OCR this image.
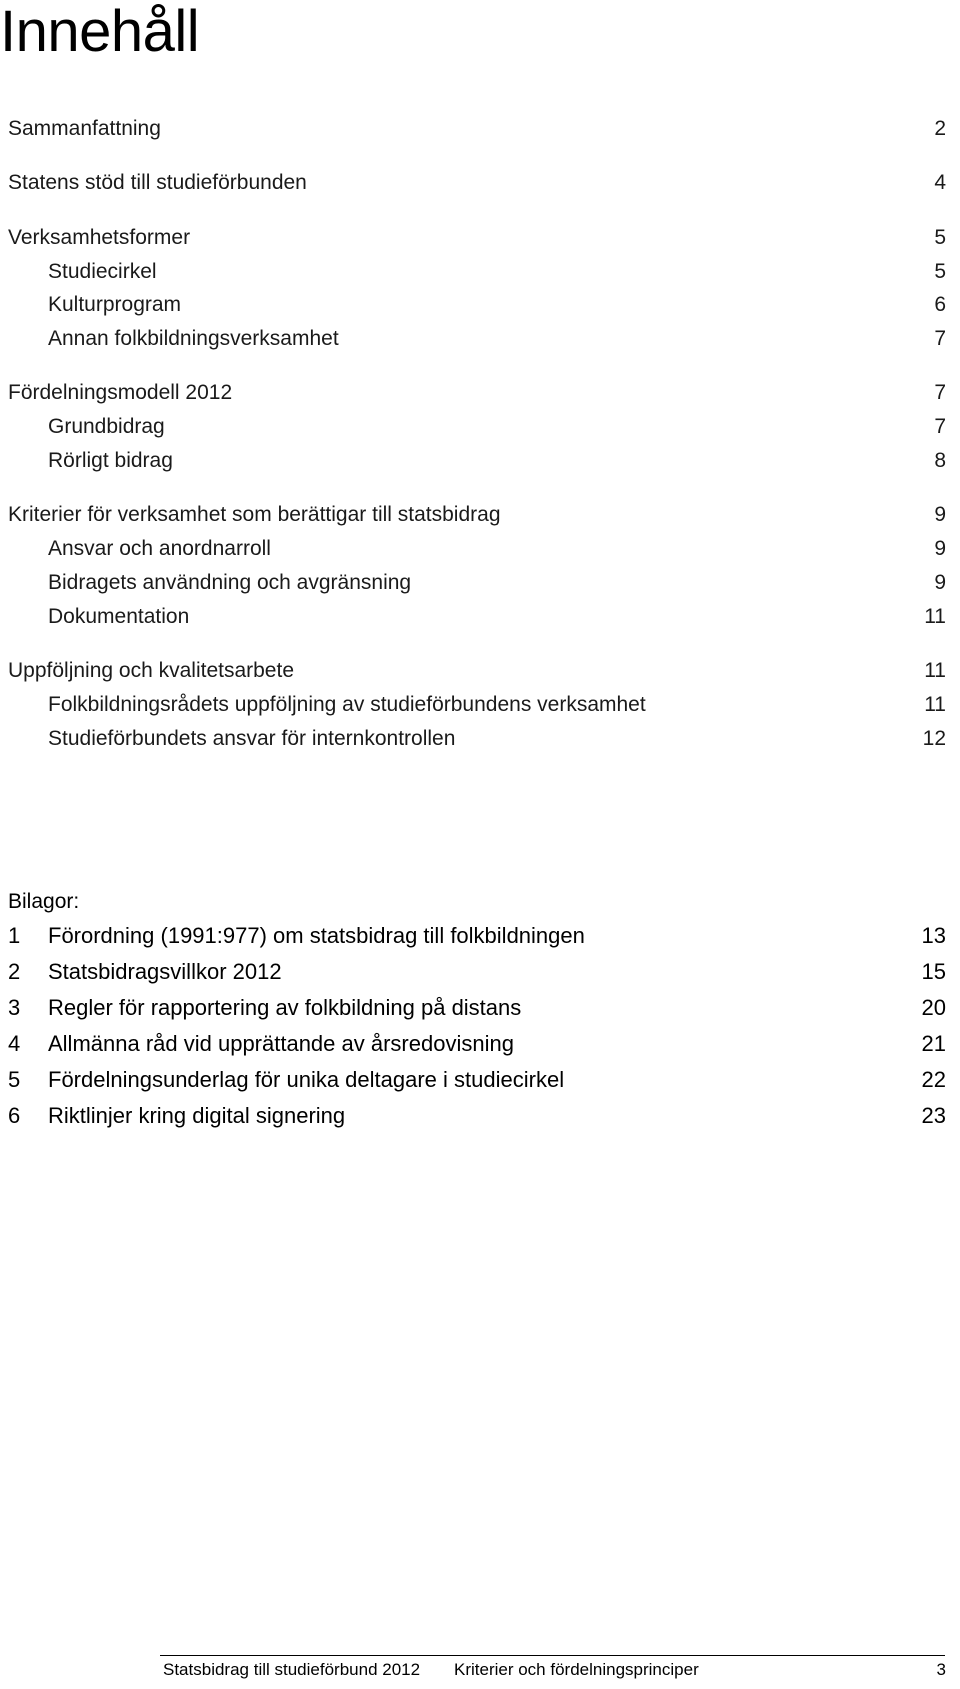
Innehåll
Sammanfattning	2
Statens stöd till studieförbunden	4
Verksamhetsformer	5
Studiecirkel	5
Kulturprogram	6
Annan folkbildningsverksamhet	7
Fördelningsmodell 2012	7
Grundbidrag	7
Rörligt bidrag	8
Kriterier för verksamhet som berättigar till statsbidrag	9
Ansvar och anordnarroll	9
Bidragets användning och avgränsning	9
Dokumentation	11
Uppföljning och kvalitetsarbete	11
Folkbildningsrådets uppföljning av studieförbundens verksamhet	11
Studieförbundets ansvar för internkontrollen	12
Bilagor:
1 Förordning (1991:977) om statsbidrag till folkbildningen	13
2 Statsbidragsvillkor 2012	15
3 Regler för rapportering av folkbildning på distans	20
4 Allmänna råd vid upprättande av årsredovisning	21
5 Fördelningsunderlag för unika deltagare i studiecirkel	22
6 Riktlinjer kring digital signering	23
Statsbidrag till studieförbund 2012 Kriterier och fördelningsprinciper	3
